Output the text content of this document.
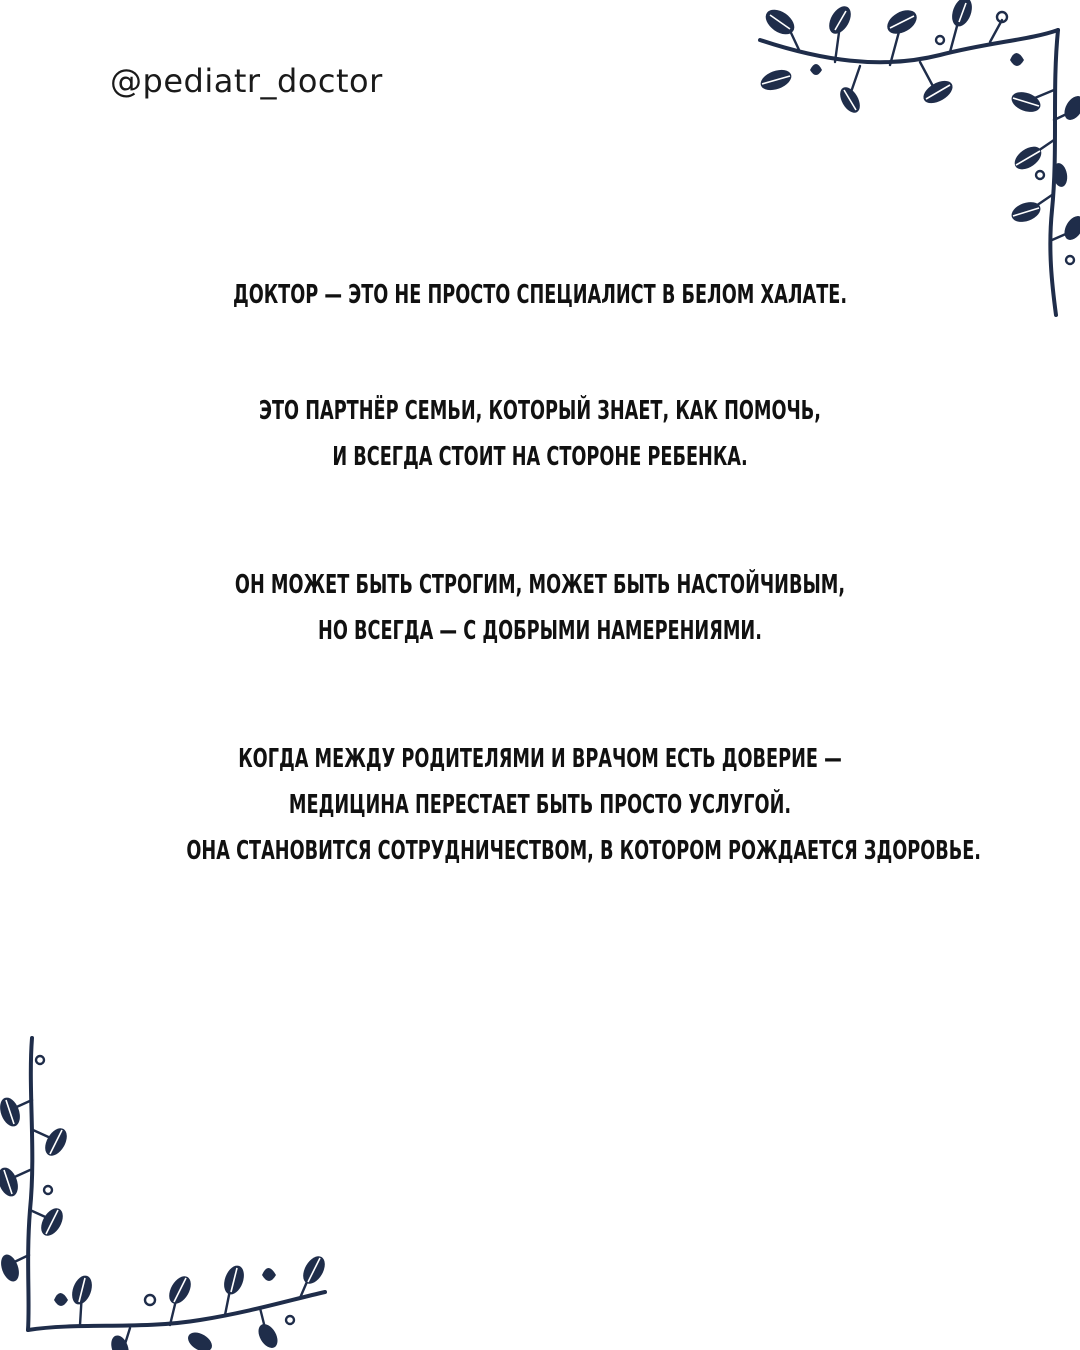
@pediatr_doctor
ДОКТОР — ЭТО НЕ ПРОСТО СПЕЦИАЛИСТ В БЕЛОМ ХАЛАТЕ.
ЭТО ПАРТНЁР СЕМЬИ, КОТОРЫЙ ЗНАЕТ, КАК ПОМОЧЬ,
И ВСЕГДА СТОИТ НА СТОРОНЕ РЕБЕНКА.
ОН МОЖЕТ БЫТЬ СТРОГИМ, МОЖЕТ БЫТЬ НАСТОЙЧИВЫМ,
НО ВСЕГДА — С ДОБРЫМИ НАМЕРЕНИЯМИ.
КОГДА МЕЖДУ РОДИТЕЛЯМИ И ВРАЧОМ ЕСТЬ ДОВЕРИЕ —
МЕДИЦИНА ПЕРЕСТАЕТ БЫТЬ ПРОСТО УСЛУГОЙ.
ОНА СТАНОВИТСЯ СОТРУДНИЧЕСТВОМ, В КОТОРОМ РОЖДАЕТСЯ ЗДОРОВЬЕ.
